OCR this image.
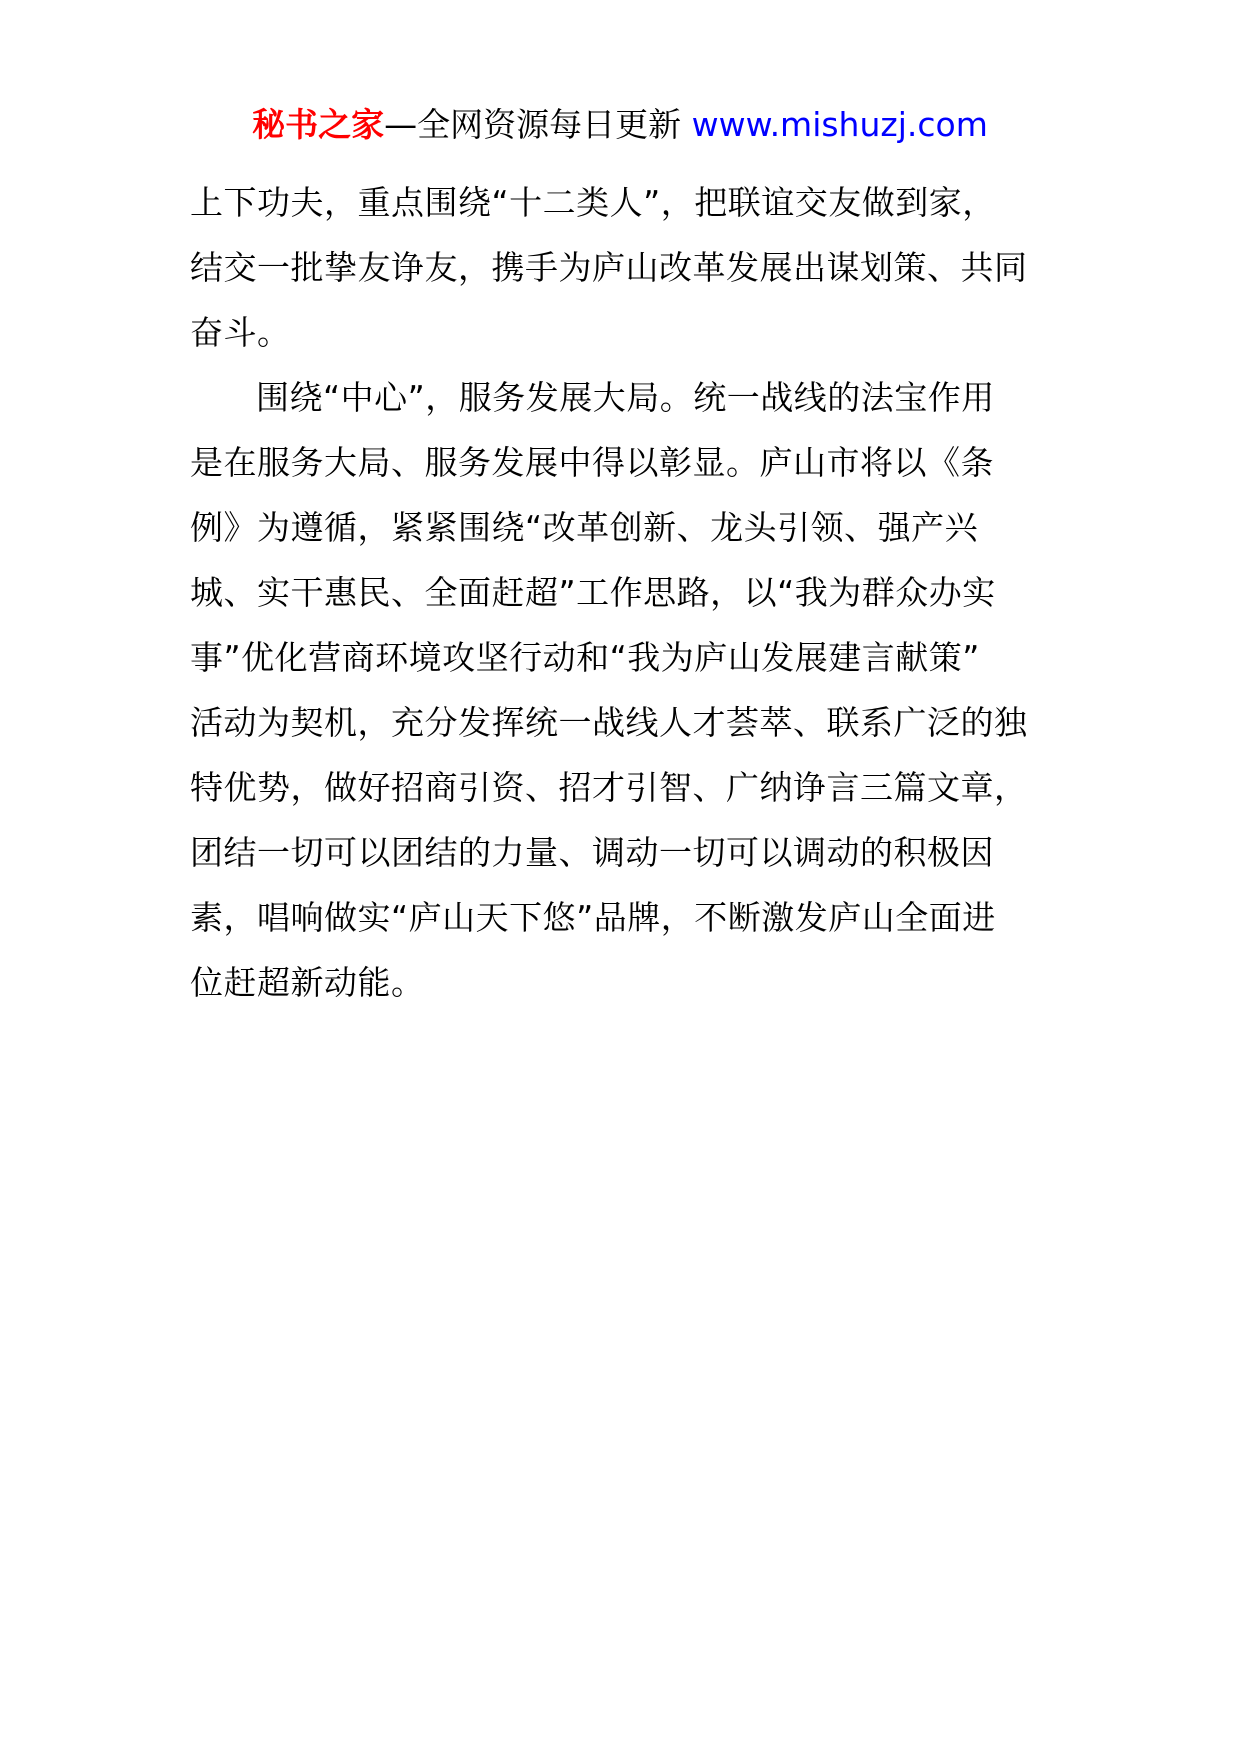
秘书之家—全网资源每日更新 www.mishuzj.com
上下功夫，重点围绕“十二类人”，把联谊交友做到家，
结交一批挚友诤友，携手为庐山改革发展出谋划策、共同
奋斗。
围绕“中心”，服务发展大局。统一战线的法宝作用
是在服务大局、服务发展中得以彰显。庐山市将以《条
例》为遵循，紧紧围绕“改革创新、龙头引领、强产兴
城、实干惠民、全面赶超”工作思路，以“我为群众办实
事”优化营商环境攻坚行动和“我为庐山发展建言献策”
活动为契机，充分发挥统一战线人才荟萃、联系广泛的独
特优势，做好招商引资、招才引智、广纳诤言三篇文章，
团结一切可以团结的力量、调动一切可以调动的积极因
素，唱响做实“庐山天下悠”品牌，不断激发庐山全面进
位赶超新动能。
